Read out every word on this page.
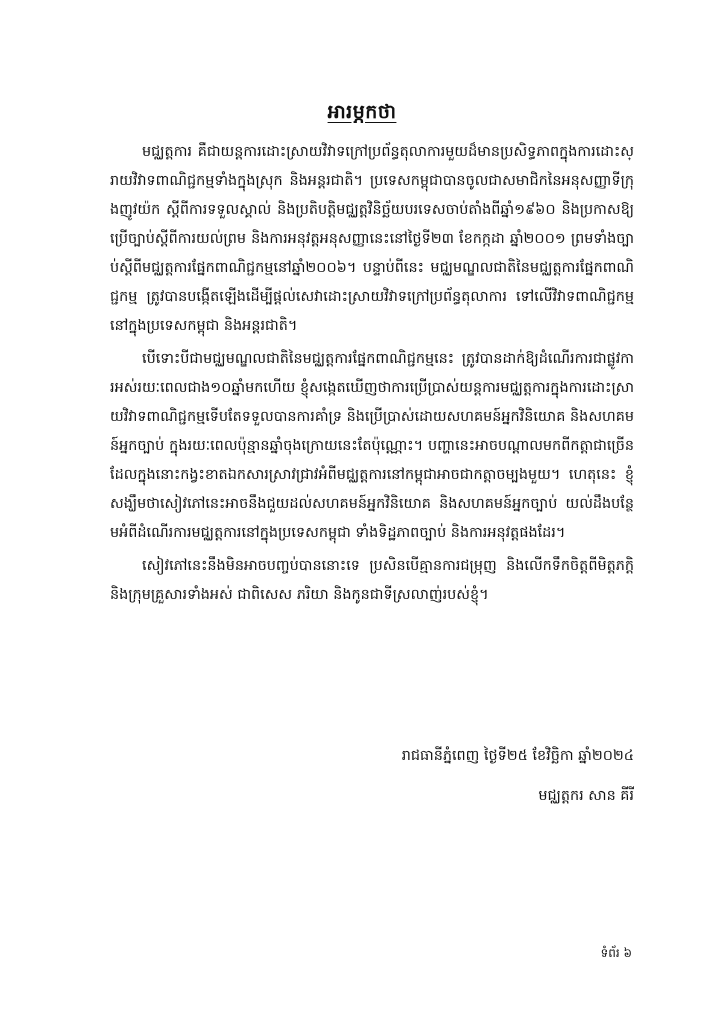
អារម្ភកថា

មជ្ឈត្តការ គឺជាយន្តការដោះស្រាយវិវាទក្រៅប្រព័ន្ធតុលាការមួយដ៏មានប្រសិទ្ធភាពក្នុងការដោះស្រាយវិវាទពាណិជ្ជកម្មទាំងក្នុងស្រុក និងអន្តរជាតិ។ ប្រទេសកម្ពុជាបានចូលជាសមាជិកនៃអនុសញ្ញាទីក្រុងញូវយ៉ក ស្តីពីការទទួលស្គាល់ និងប្រតិបត្តិមជ្ឈត្តវិនិច្ឆ័យបរទេសចាប់តាំងពីឆ្នាំ១៩៦០ និងប្រកាសឱ្យប្រើច្បាប់ស្តីពីការយល់ព្រម និងការអនុវត្តអនុសញ្ញានេះនៅថ្ងៃទី២៣ ខែកក្កដា ឆ្នាំ២០០១ ព្រមទាំងច្បាប់ស្តីពីមជ្ឈត្តការផ្នែកពាណិជ្ជកម្មនៅឆ្នាំ២០០៦។ បន្ទាប់ពីនេះ មជ្ឈមណ្ឌលជាតិនៃមជ្ឈត្តការផ្នែកពាណិជ្ជកម្ម ត្រូវបានបង្កើតឡើងដើម្បីផ្តល់សេវាដោះស្រាយវិវាទក្រៅប្រព័ន្ធតុលាការ ទៅលើវិវាទពាណិជ្ជកម្មនៅក្នុងប្រទេសកម្ពុជា និងអន្តរជាតិ។

បើទោះបីជាមជ្ឈមណ្ឌលជាតិនៃមជ្ឈត្តការផ្នែកពាណិជ្ជកម្មនេះ ត្រូវបានដាក់ឱ្យដំណើរការជាផ្លូវការអស់រយៈពេលជាង១០ឆ្នាំមកហើយ ខ្ញុំសង្កេតឃើញថាការប្រើប្រាស់យន្តការមជ្ឈត្តការក្នុងការដោះស្រាយវិវាទពាណិជ្ជកម្មទើបតែទទួលបានការគាំទ្រ និងប្រើប្រាស់ដោយសហគមន៍អ្នកវិនិយោគ និងសហគមន៍អ្នកច្បាប់ ក្នុងរយៈពេលប៉ុន្មានឆ្នាំចុងក្រោយនេះតែប៉ុណ្ណោះ។ បញ្ហានេះអាចបណ្តាលមកពីកត្តាជាច្រើន ដែលក្នុងនោះកង្វះខាតឯកសារស្រាវជ្រាវអំពីមជ្ឈត្តការនៅកម្ពុជាអាចជាកត្តាចម្បងមួយ។ ហេតុនេះ ខ្ញុំសង្ឃឹមថាសៀវភៅនេះអាចនឹងជួយដល់សហគមន៍អ្នកវិនិយោគ និងសហគមន៍អ្នកច្បាប់ យល់ដឹងបន្ថែមអំពីដំណើរការមជ្ឈត្តការនៅក្នុងប្រទេសកម្ពុជា ទាំងទិដ្ឋភាពច្បាប់ និងការអនុវត្តផងដែរ។

សៀវភៅនេះនឹងមិនអាចបញ្ចប់បាននោះទេ ប្រសិនបើគ្មានការជម្រុញ និងលើកទឹកចិត្តពីមិត្តភក្តិ និងក្រុមគ្រួសារទាំងអស់ ជាពិសេស ភរិយា និងកូនជាទីស្រលាញ់របស់ខ្ញុំ។

រាជធានីភ្នំពេញ ថ្ងៃទី២៥ ខែវិច្ឆិកា ឆ្នាំ២០២៤
មជ្ឈត្តករ សាន គីរី
ទំព័រ ៦
